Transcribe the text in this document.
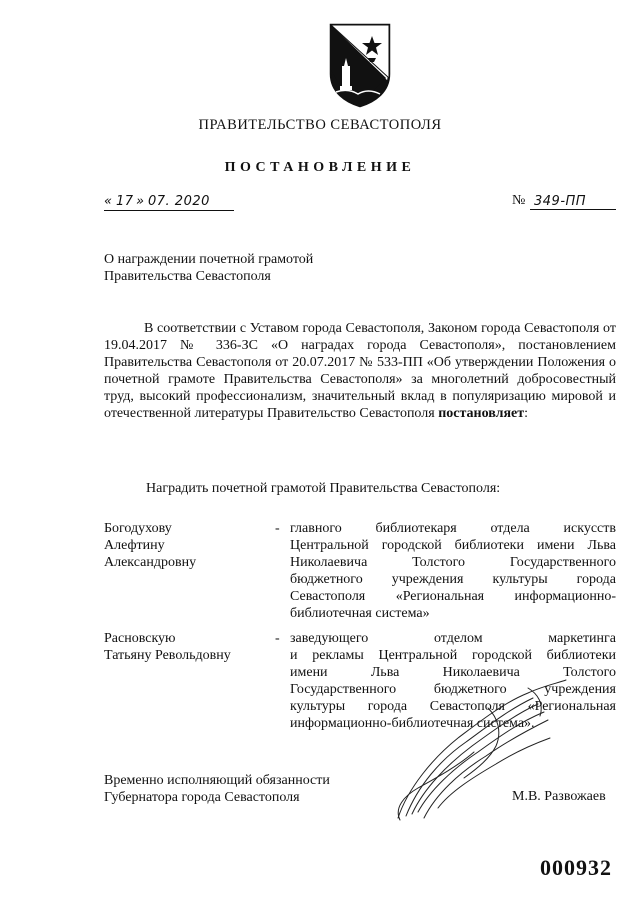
ПРАВИТЕЛЬСТВО СЕВАСТОПОЛЯ
ПОСТАНОВЛЕНИЕ
« 17 » 07. 2020	№ 349-ПП
О награждении почетной грамотой
Правительства Севастополя

В соответствии с Уставом города Севастополя, Законом города Севастополя от 19.04.2017 № 336-ЗС «О наградах города Севастополя», постановлением Правительства Севастополя от 20.07.2017 № 533-ПП «Об утверждении Положения о почетной грамоте Правительства Севастополя» за многолетний добросовестный труд, высокий профессионализм, значительный вклад в популяризацию мировой и отечественной литературы Правительство Севастополя постановляет:

Наградить почетной грамотой Правительства Севастополя:
Богодухову
Алефтину
Александровну
- главного библиотекаря отдела искусств
Центральной городской библиотеки имени Льва
Николаевича Толстого Государственного
бюджетного учреждения культуры города
Севастополя «Региональная информационно-
библиотечная система»

Расновскую
Татьяну Револьдовну
- заведующего отделом маркетинга
и рекламы Центральной городской библиотеки
имени Льва Николаевича Толстого
Государственного бюджетного учреждения
культуры города Севастополя «Региональная
информационно-библиотечная система».

Временно исполняющий обязанности
Губернатора города Севастополя	М.В. Развожаев
000932
